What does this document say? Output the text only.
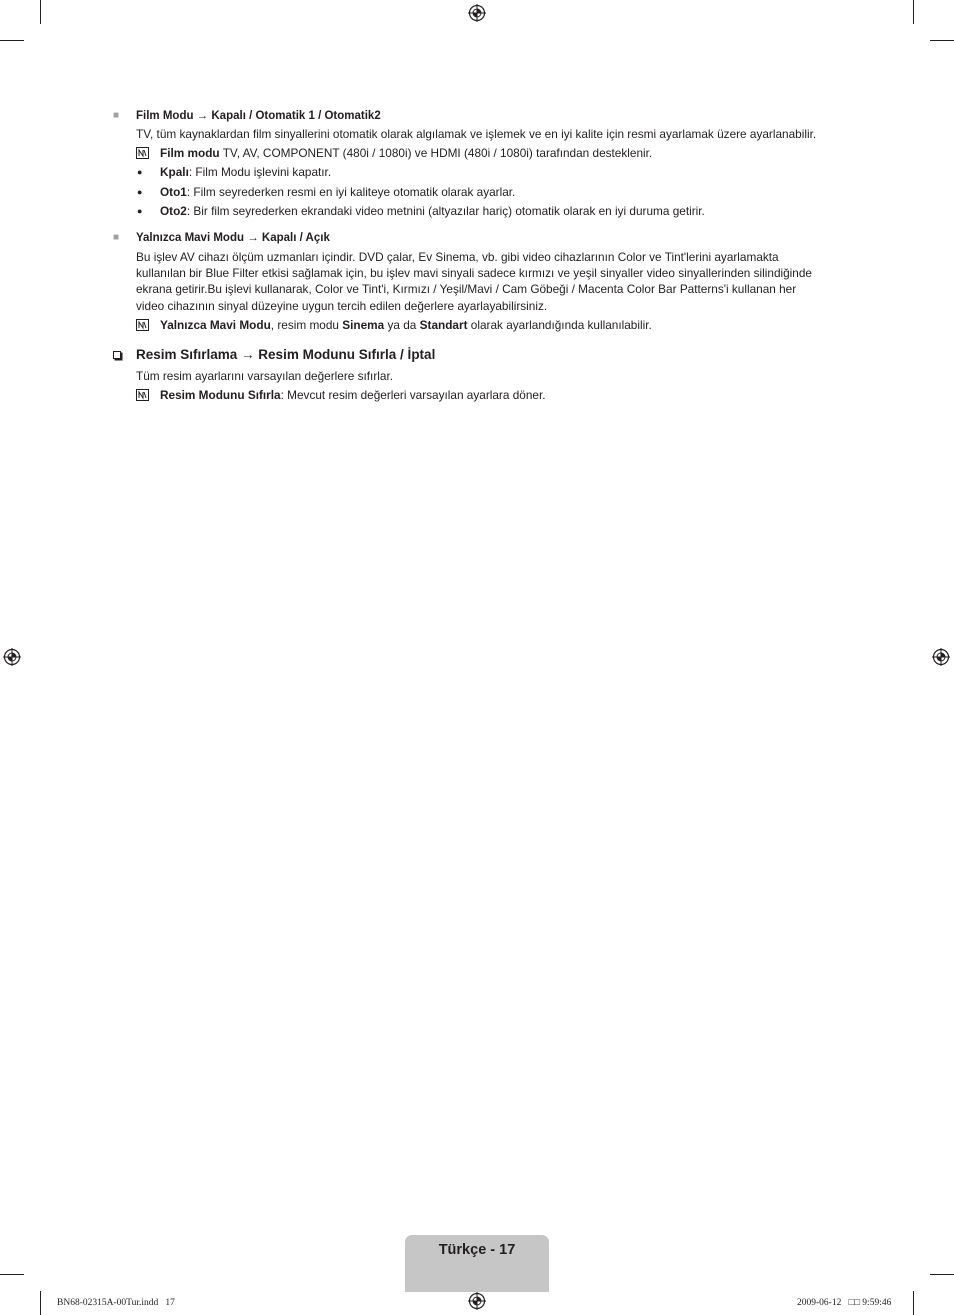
■	Film Modu → Kapalı / Otomatik 1 / Otomatik2
TV, tüm kaynaklardan film sinyallerini otomatik olarak algılamak ve işlemek ve en iyi kalite için resmi ayarlamak üzere ayarlanabilir.
Film modu TV, AV, COMPONENT (480i / 1080i) ve HDMI (480i / 1080i) tarafından desteklenir.
●	Kpalı: Film Modu işlevini kapatır.
●	Oto1: Film seyrederken resmi en iyi kaliteye otomatik olarak ayarlar.
●	Oto2: Bir film seyrederken ekrandaki video metnini (altyazılar hariç) otomatik olarak en iyi duruma getirir.
■	Yalnızca Mavi Modu → Kapalı / Açık
Bu işlev AV cihazı ölçüm uzmanları içindir. DVD çalar, Ev Sinema, vb. gibi video cihazlarının Color ve Tint'lerini ayarlamakta
kullanılan bir Blue Filter etkisi sağlamak için, bu işlev mavi sinyali sadece kırmızı ve yeşil sinyaller video sinyallerinden silindiğinde
ekrana getirir.Bu işlevi kullanarak, Color ve Tint'i, Kırmızı / Yeşil/Mavi / Cam Göbeği / Macenta Color Bar Patterns'i kullanan her
video cihazının sinyal düzeyine uygun tercih edilen değerlere ayarlayabilirsiniz.
Yalnızca Mavi Modu, resim modu Sinema ya da Standart olarak ayarlandığında kullanılabilir.
Resim Sıfırlama → Resim Modunu Sıfırla / İptal
Tüm resim ayarlarını varsayılan değerlere sıfırlar.
Resim Modunu Sıfırla: Mevcut resim değerleri varsayılan ayarlara döner.
Türkçe - 17
BN68-02315A-00Tur.indd   17	2009-06-12   □□ 9:59:46
